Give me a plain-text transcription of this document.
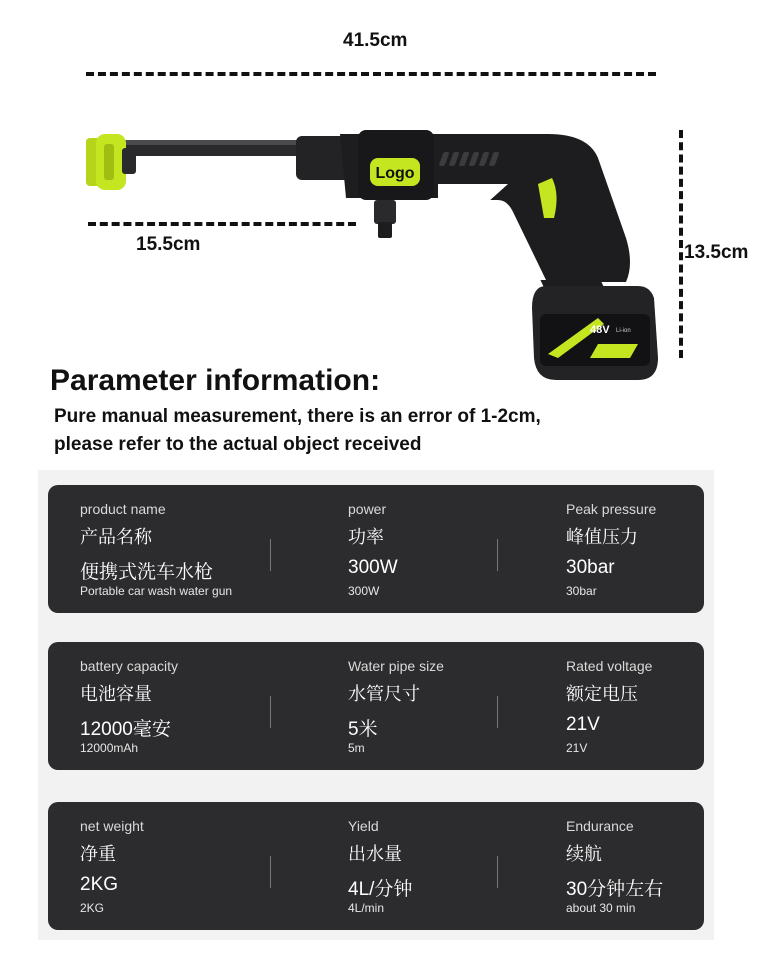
41.5cm
15.5cm	13.5cm
Logo
48V Li-ion
Parameter information:
Pure manual measurement, there is an error of 1-2cm,
please refer to the actual object received
product name
产品名称
便携式洗车水枪
Portable car wash water gun
power
功率
300W
300W
Peak pressure
峰值压力
30bar
30bar
battery capacity
电池容量
12000毫安
12000mAh
Water pipe size
水管尺寸
5米
5m
Rated voltage
额定电压
21V
21V
net weight
净重
2KG
2KG
Yield
出水量
4L/分钟
4L/min
Endurance
续航
30分钟左右
about 30 min
